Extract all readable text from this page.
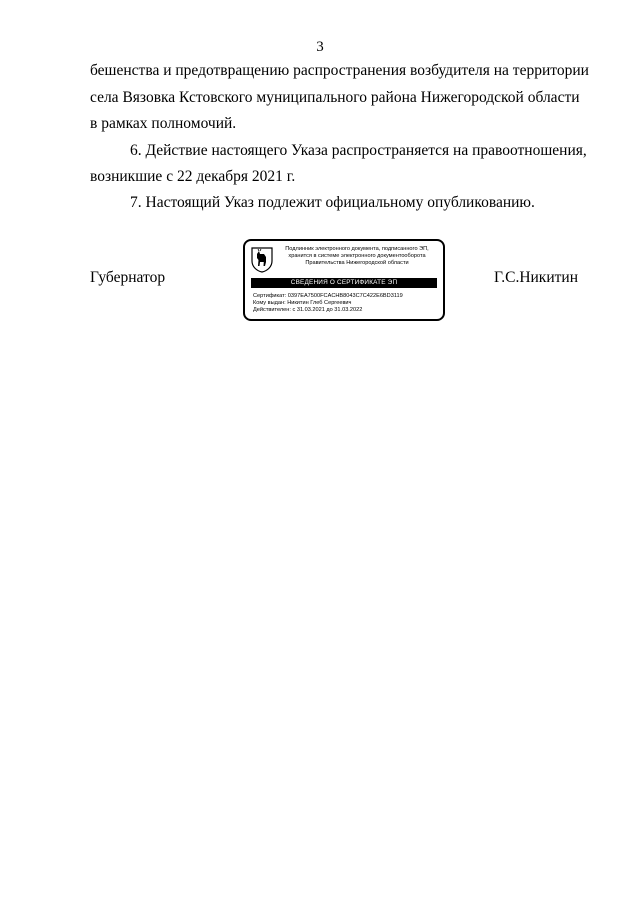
3
бешенства и предотвращению распространения возбудителя на территории
села Вязовка Кстовского муниципального района Нижегородской области
в рамках полномочий.
6. Действие настоящего Указа распространяется на правоотношения,
возникшие с 22 декабря 2021 г.
7. Настоящий Указ подлежит официальному опубликованию.
Губернатор	Г.С.Никитин
Подлинник электронного документа, подписанного ЭП,
хранится в системе электронного документооборота
Правительства Нижегородской области
СВЕДЕНИЯ О СЕРТИФИКАТЕ ЭП
Сертификат: 0397EA7500FCACHB8043C7C422E6BD3119
Кому выдан: Никитин Глеб Сергеевич
Действителен: с 31.03.2021 до 31.03.2022
